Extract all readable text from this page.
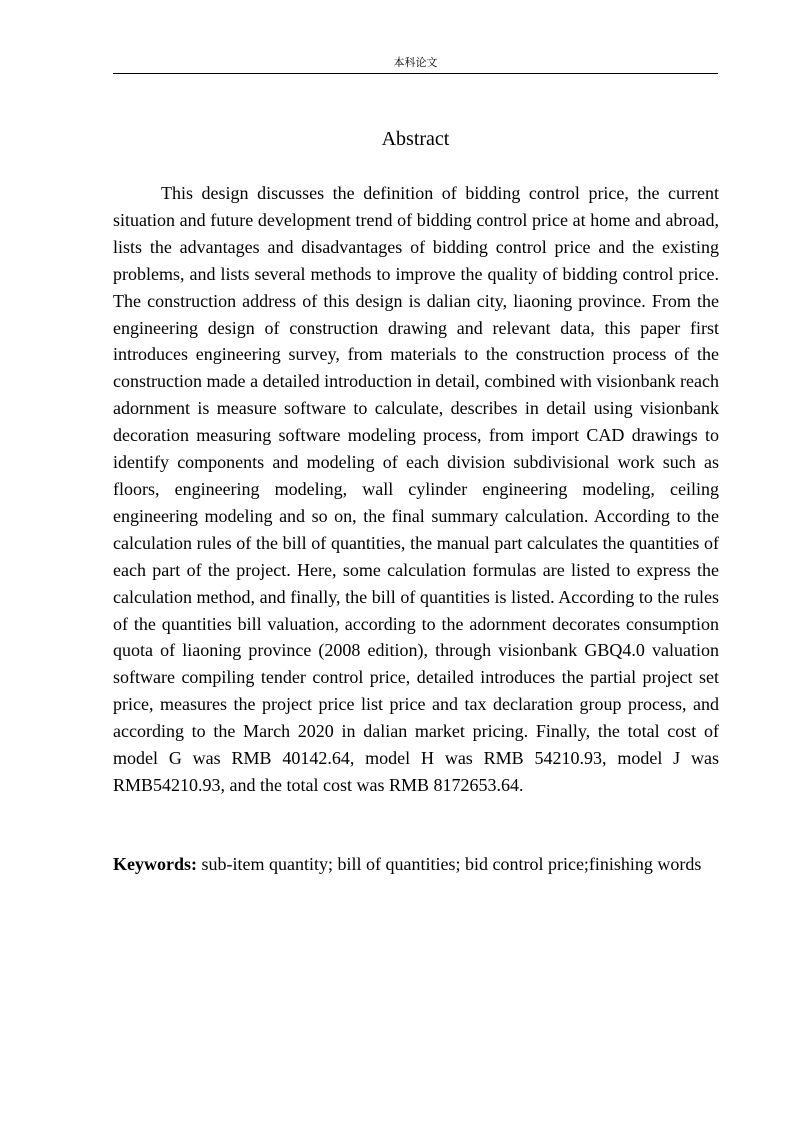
本科论文
Abstract

This design discusses the definition of bidding control price, the current situation and future development trend of bidding control price at home and abroad, lists the advantages and disadvantages of bidding control price and the existing problems, and lists several methods to improve the quality of bidding control price. The construction address of this design is dalian city, liaoning province. From the engineering design of construction drawing and relevant data, this paper first introduces engineering survey, from materials to the construction process of the construction made a detailed introduction in detail, combined with visionbank reach adornment is measure software to calculate, describes in detail using visionbank decoration measuring software modeling process, from import CAD drawings to identify components and modeling of each division subdivisional work such as floors, engineering modeling, wall cylinder engineering modeling, ceiling engineering modeling and so on, the final summary calculation. According to the calculation rules of the bill of quantities, the manual part calculates the quantities of each part of the project. Here, some calculation formulas are listed to express the calculation method, and finally, the bill of quantities is listed. According to the rules of the quantities bill valuation, according to the adornment decorates consumption quota of liaoning province (2008 edition), through visionbank GBQ4.0 valuation software compiling tender control price, detailed introduces the partial project set price, measures the project price list price and tax declaration group process, and according to the March 2020 in dalian market pricing. Finally, the total cost of model G was RMB 40142.64, model H was RMB 54210.93, model J was RMB54210.93, and the total cost was RMB 8172653.64.

Keywords: sub-item quantity; bill of quantities; bid control price;finishing words
